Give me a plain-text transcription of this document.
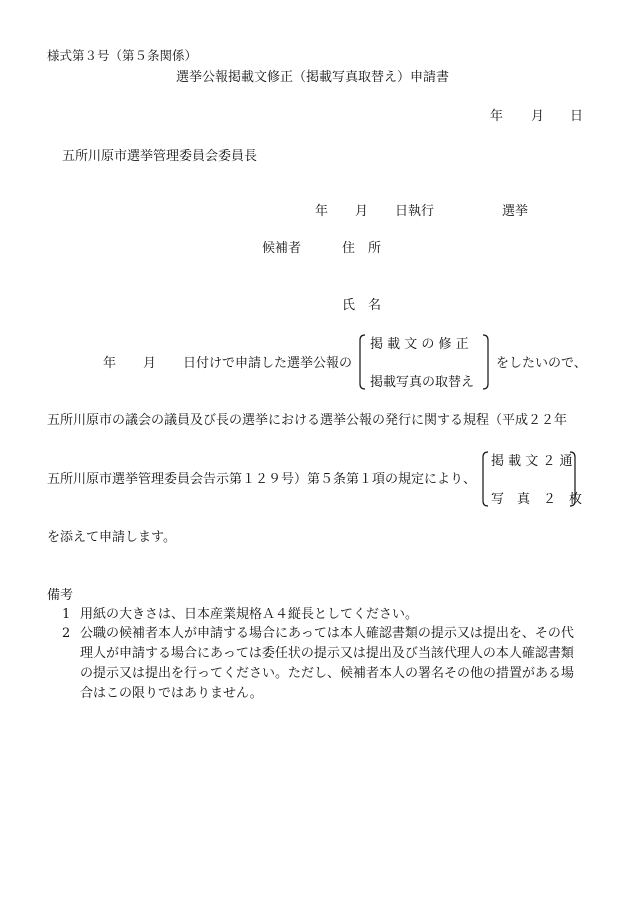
様式第３号（第５条関係）
選挙公報掲載文修正（掲載写真取替え）申請書
年 月 日
五所川原市選挙管理委員会委員長
年 月 日執行	選挙
候補者	住　所
氏　名
年 月 日付けで申請した選挙公報の
掲 載 文 の 修 正
掲載写真の取替え
をしたいので、
五所川原市の議会の議員及び長の選挙における選挙公報の発行に関する規程（平成２２年
五所川原市選挙管理委員会告示第１２９号）第５条第１項の規定により、
掲 載 文 ２ 通
写　真　２　枚
を添えて申請します。
備考
1 用紙の大きさは、日本産業規格Ａ４縦長としてください。
2 公職の候補者本人が申請する場合にあっては本人確認書類の提示又は提出を、その代
理人が申請する場合にあっては委任状の提示又は提出及び当該代理人の本人確認書類
の提示又は提出を行ってください。ただし、候補者本人の署名その他の措置がある場
合はこの限りではありません。
